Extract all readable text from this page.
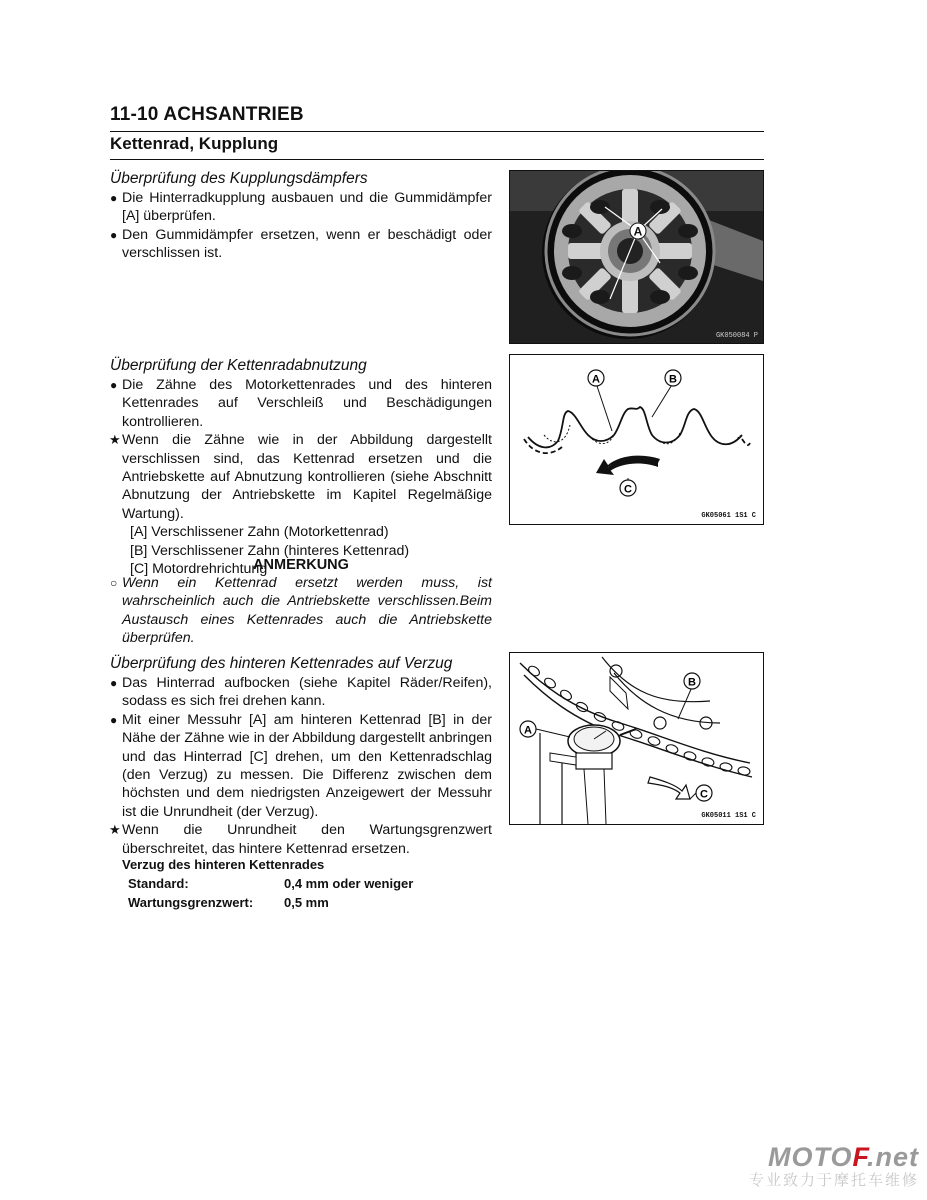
11-10 ACHSANTRIEB
Kettenrad, Kupplung
Überprüfung des Kupplungsdämpfers
● Die Hinterradkupplung ausbauen und die Gummidämpfer [A] überprüfen.
● Den Gummidämpfer ersetzen, wenn er beschädigt oder verschlissen ist.
A
GK050084 P
Überprüfung der Kettenradabnutzung
● Die Zähne des Motorkettenrades und des hinteren Kettenrades auf Verschleiß und Beschädigungen kontrollieren.
★ Wenn die Zähne wie in der Abbildung dargestellt verschlissen sind, das Kettenrad ersetzen und die Antriebskette auf Abnutzung kontrollieren (siehe Abschnitt Abnutzung der Antriebskette im Kapitel Regelmäßige Wartung).
[A] Verschlissener Zahn (Motorkettenrad)
[B] Verschlissener Zahn (hinteres Kettenrad)
[C] Motordrehrichtung
ANMERKUNG
○ Wenn ein Kettenrad ersetzt werden muss, ist wahrscheinlich auch die Antriebskette verschlissen.Beim Austausch eines Kettenrades auch die Antriebskette überprüfen.
A	B
C
GK05061 1S1 C
Überprüfung des hinteren Kettenrades auf Verzug
● Das Hinterrad aufbocken (siehe Kapitel Räder/Reifen), sodass es sich frei drehen kann.
● Mit einer Messuhr [A] am hinteren Kettenrad [B] in der Nähe der Zähne wie in der Abbildung dargestellt anbringen und das Hinterrad [C] drehen, um den Kettenradschlag (den Verzug) zu messen. Die Differenz zwischen dem höchsten und dem niedrigsten Anzeigewert der Messuhr ist die Unrundheit (der Verzug).
★ Wenn die Unrundheit den Wartungsgrenzwert überschreitet, das hintere Kettenrad ersetzen.
Verzug des hinteren Kettenrades
Standard:	0,4 mm oder weniger
Wartungsgrenzwert: 0,5 mm
A
B
C
GK05011 1S1 C
MOTOF.net
专业致力于摩托车维修
